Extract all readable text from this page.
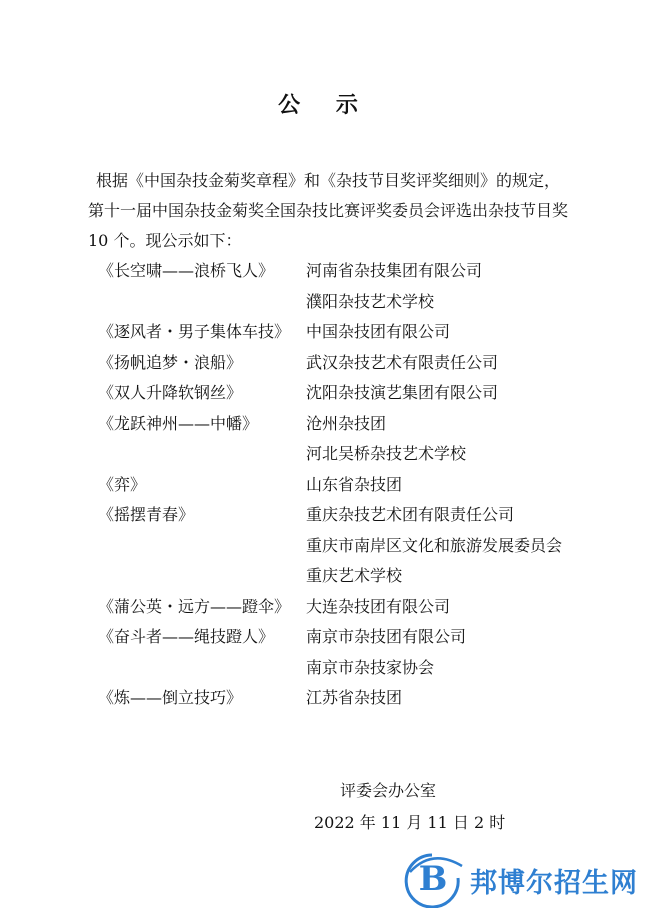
公 示

根据《中国杂技金菊奖章程》和《杂技节目奖评奖细则》的规定，

第十一届中国杂技金菊奖全国杂技比赛评奖委员会评选出杂技节目奖

10 个。现公示如下：

《长空啸——浪桥飞人》	河南省杂技集团有限公司
濮阳杂技艺术学校
《逐风者・男子集体车技》 中国杂技团有限公司
《扬帆追梦・浪船》	武汉杂技艺术有限责任公司
《双人升降软钢丝》	沈阳杂技演艺集团有限公司
《龙跃神州——中幡》	沧州杂技团
河北吴桥杂技艺术学校
《弈》	山东省杂技团
《摇摆青春》	重庆杂技艺术团有限责任公司
重庆市南岸区文化和旅游发展委员会
重庆艺术学校
《蒲公英・远方——蹬伞》 大连杂技团有限公司
《奋斗者——绳技蹬人》	南京市杂技团有限公司
南京市杂技家协会
《炼——倒立技巧》	江苏省杂技团
评委会办公室
2022 年 11 月 11 日 2 时
B 邦博尔招生网
